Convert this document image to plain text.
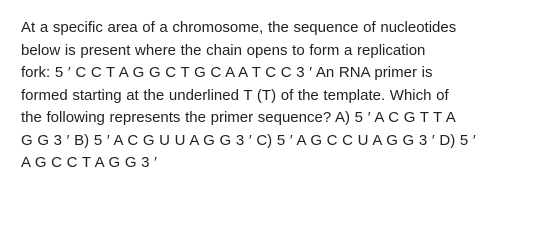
At a specific area of a chromosome, the sequence of nucleotides
below is present where the chain opens to form a replication
fork: 5 ′ C C T A G G C T G C A A T C C 3 ′ An RNA primer is
formed starting at the underlined T (T) of the template. Which of
the following represents the primer sequence? A) 5 ′ A C G T T A
G G 3 ′ B) 5 ′ A C G U U A G G 3 ′ C) 5 ′ A G C C U A G G 3 ′ D) 5 ′
A G C C T A G G 3 ′
